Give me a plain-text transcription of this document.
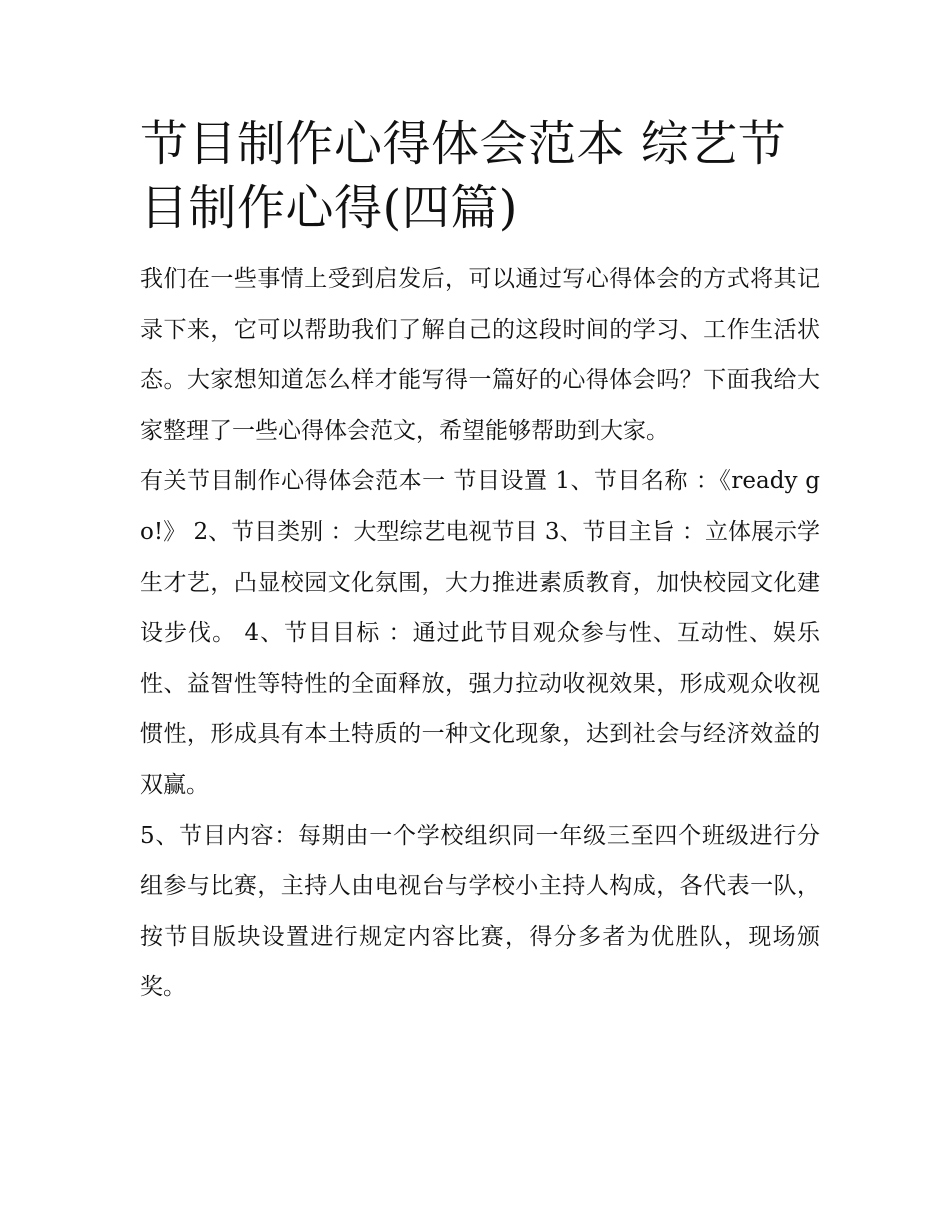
节目制作心得体会范本 综艺节目制作心得(四篇)

我们在一些事情上受到启发后，可以通过写心得体会的方式将其记录下来，它可以帮助我们了解自己的这段时间的学习、工作生活状态。大家想知道怎么样才能写得一篇好的心得体会吗？下面我给大家整理了一些心得体会范文，希望能够帮助到大家。

有关节目制作心得体会范本一 节目设置 1、节目名称 ：《ready go!》 2、节目类别 ：大型综艺电视节目 3、节目主旨 ：立体展示学生才艺，凸显校园文化氛围，大力推进素质教育，加快校园文化建设步伐。 4、节目目标 ：通过此节目观众参与性、互动性、娱乐性、益智性等特性的全面释放，强力拉动收视效果，形成观众收视惯性，形成具有本土特质的一种文化现象，达到社会与经济效益的双赢。

5、节目内容：每期由一个学校组织同一年级三至四个班级进行分组参与比赛，主持人由电视台与学校小主持人构成，各代表一队，按节目版块设置进行规定内容比赛，得分多者为优胜队，现场颁奖。
